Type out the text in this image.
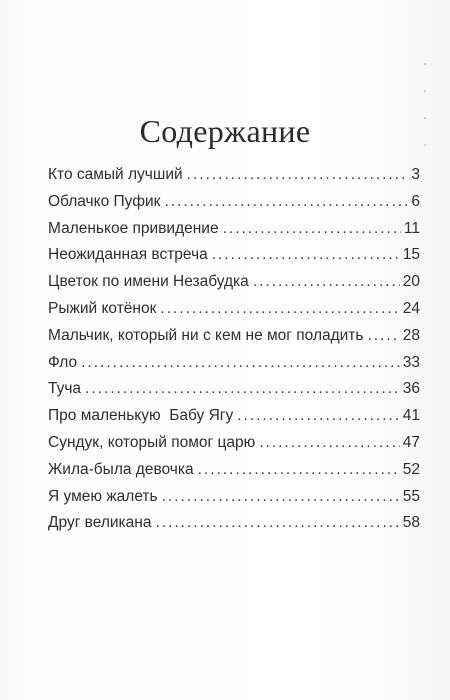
▪
▪
▪
▪
Содержание
Кто самый лучший .....	3
Облачко Пуфик .....	6
Маленькое привидение .....	11
Неожиданная встреча .....	15
Цветок по имени Незабудка .....	20
Рыжий котёнок .....	24
Мальчик, который ни с кем не мог поладить .....	28
Фло .....	33
Туча .....	36
Про маленькую  Бабу Ягу .....	41
Сундук, который помог царю .....	47
Жила-была девочка .....	52
Я умею жалеть .....	55
Друг великана .....	58
